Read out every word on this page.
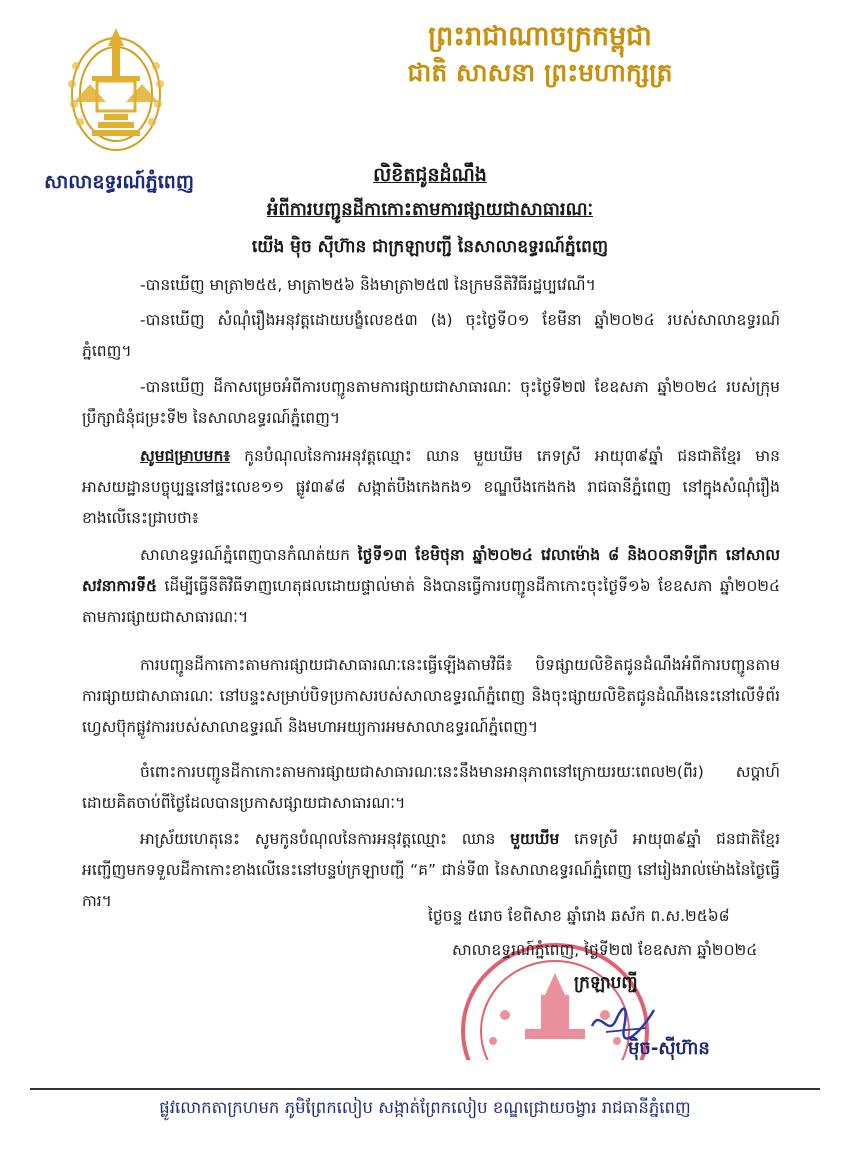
សាលាឧទ្ធរណ៍ភ្នំពេញ
ព្រះរាជាណាចក្រកម្ពុជា
ជាតិ សាសនា ព្រះមហាក្សត្រ
លិខិតជូនដំណឹង
អំពីការបញ្ជូនដីកាកោះតាមការផ្សាយជាសាធារណៈ
យើង ម៉ិច ស៊ីហ៊ាន ជាក្រឡាបញ្ជី នៃសាលាឧទ្ធរណ៍ភ្នំពេញ
-បានឃើញ មាត្រា២៥៥, មាត្រា២៥៦ និងមាត្រា២៥៧ នៃក្រមនីតិវិធីរដ្ឋប្បវេណី។
-បានឃើញ សំណុំរឿងអនុវត្តដោយបង្ខំលេខ៥៣ (ង) ចុះថ្ងៃទី០១ ខែមីនា ឆ្នាំ២០២៤ របស់សាលាឧទ្ធរណ៍ភ្នំពេញ។
-បានឃើញ ដីកាសម្រេចអំពីការបញ្ជូនតាមការផ្សាយជាសាធារណៈ ចុះថ្ងៃទី២៧ ខែឧសភា ឆ្នាំ២០២៤ របស់ក្រុមប្រឹក្សាជំនុំជម្រះទី២ នៃសាលាឧទ្ធរណ៍ភ្នំពេញ។
សូមជម្រាបមក៖ កូនបំណុលនៃការអនុវត្តឈ្មោះ ឈាន មួយឃីម ភេទស្រី អាយុ៣៩ឆ្នាំ ជនជាតិខ្មែរ មានអាសយដ្ឋានបច្ចុប្បន្ននៅផ្ទះលេខ១១ ផ្លូវ៣៩៨ សង្កាត់បឹងកេងកង១ ខណ្ឌបឹងកេងកង រាជធានីភ្នំពេញ នៅក្នុងសំណុំរឿងខាងលើនេះជ្រាបថា៖
សាលាឧទ្ធរណ៍ភ្នំពេញបានកំណត់យក ថ្ងៃទី១៣ ខែមិថុនា ឆ្នាំ២០២៤ វេលាម៉ោង ៨ និង០០នាទីព្រឹក នៅសាលសវនាការទី៥ ដើម្បីធ្វើនីតិវិធីទាញហេតុផលដោយផ្ទាល់មាត់ និងបានធ្វើការបញ្ជូនដីកាកោះចុះថ្ងៃទី១៦ ខែឧសភា ឆ្នាំ២០២៤ តាមការផ្សាយជាសាធារណៈ។
ការបញ្ជូនដីកាកោះតាមការផ្សាយជាសាធារណៈនេះធ្វើឡើងតាមវិធី៖ បិទផ្សាយលិខិតជូនដំណឹងអំពីការបញ្ជូនតាមការផ្សាយជាសាធារណៈ នៅបន្ទះសម្រាប់បិទប្រកាសរបស់សាលាឧទ្ធរណ៍ភ្នំពេញ និងចុះផ្សាយលិខិតជូនដំណឹងនេះនៅលើទំព័រហ្វេសប៊ុកផ្លូវការរបស់សាលាឧទ្ធរណ៍ និងមហាអយ្យការអមសាលាឧទ្ធរណ៍ភ្នំពេញ។
ចំពោះការបញ្ជូនដីកាកោះតាមការផ្សាយជាសាធារណៈនេះនឹងមានអានុភាពនៅក្រោយរយៈពេល២(ពីរ) សប្តាហ៍ ដោយគិតចាប់ពីថ្ងៃដែលបានប្រកាសផ្សាយជាសាធារណៈ។
អាស្រ័យហេតុនេះ សូមកូនបំណុលនៃការអនុវត្តឈ្មោះ ឈាន មួយឃីម ភេទស្រី អាយុ៣៩ឆ្នាំ ជនជាតិខ្មែរ អញ្ជើញមកទទួលដីកាកោះខាងលើនេះនៅបន្ទប់ក្រឡាបញ្ជី “គ” ជាន់ទី៣ នៃសាលាឧទ្ធរណ៍ភ្នំពេញ នៅរៀងរាល់ម៉ោងនៃថ្ងៃធ្វើការ។
ថ្ងៃចន្ទ ៥រោច ខែពិសាខ ឆ្នាំរោង ឆស័ក ព.ស.២៥៦៨
សាលាឧទ្ធរណ៍ភ្នំពេញ, ថ្ងៃទី២៧ ខែឧសភា ឆ្នាំ២០២៤
ក្រឡាបញ្ជី
ម៉ិច-ស៊ីហ៊ាន
ផ្លូវលោកតាក្រហមក ភូមិព្រែកលៀប សង្កាត់ព្រែកលៀប ខណ្ឌជ្រោយចង្វារ រាជធានីភ្នំពេញ
